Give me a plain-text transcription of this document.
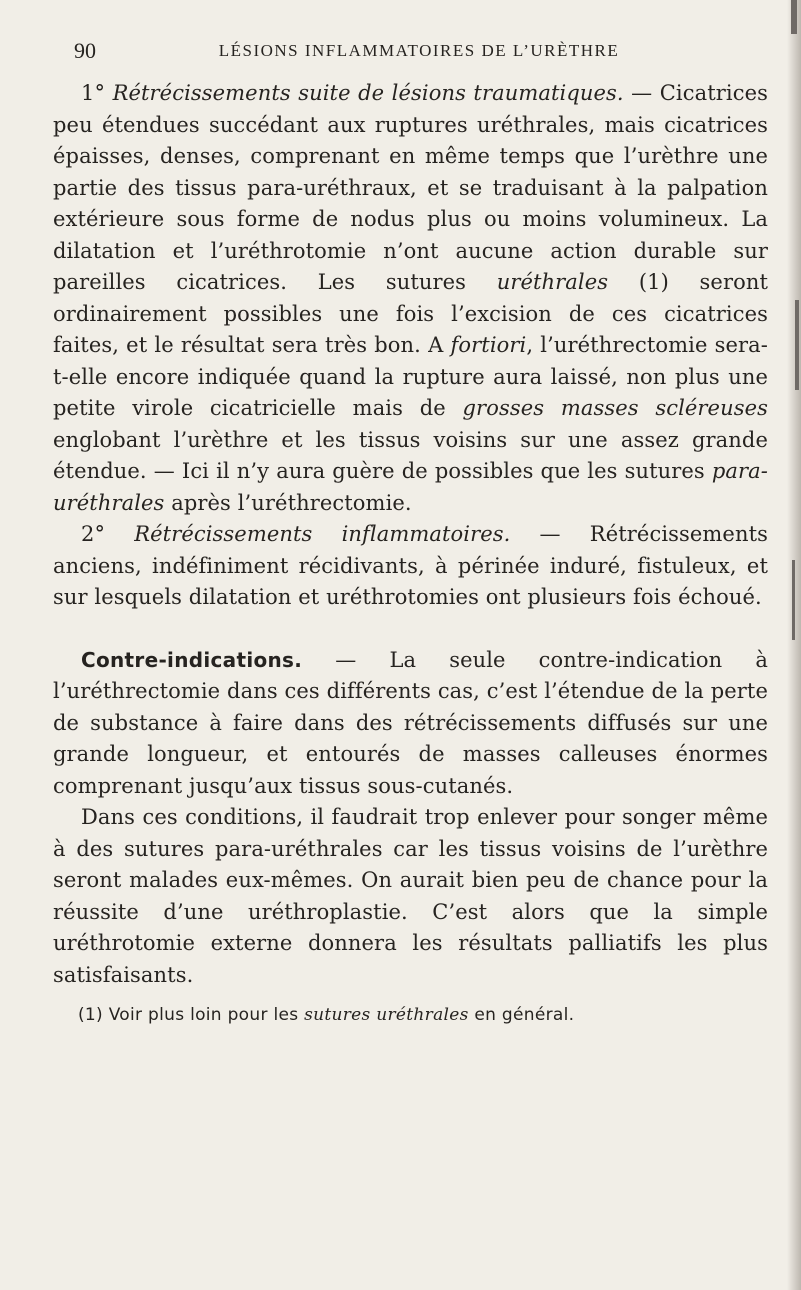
90	LÉSIONS INFLAMMATOIRES DE L’URÈTHRE

1° Rétrécissements suite de lésions traumatiques. — Cicatrices peu étendues succédant aux ruptures uréthrales, mais cicatrices épaisses, denses, comprenant en même temps que l’urèthre une partie des tissus para-uréthraux, et se traduisant à la palpation extérieure sous forme de nodus plus ou moins volumineux. La dilatation et l’uréthrotomie n’ont aucune action durable sur pareilles cicatrices. Les sutures uréthrales (1) seront ordinairement possibles une fois l’excision de ces cicatrices faites, et le résultat sera très bon. A fortiori, l’uréthrectomie sera-t-elle encore indiquée quand la rupture aura laissé, non plus une petite virole cicatricielle mais de grosses masses scléreuses englobant l’urèthre et les tissus voisins sur une assez grande étendue. — Ici il n’y aura guère de possibles que les sutures para-uréthrales après l’uréthrectomie.

2° Rétrécissements inflammatoires. — Rétrécissements anciens, indéfiniment récidivants, à périnée induré, fistuleux, et sur lesquels dilatation et uréthrotomies ont plusieurs fois échoué.

Contre-indications. — La seule contre-indication à l’uréthrectomie dans ces différents cas, c’est l’étendue de la perte de substance à faire dans des rétrécissements diffusés sur une grande longueur, et entourés de masses calleuses énormes comprenant jusqu’aux tissus sous-cutanés.

Dans ces conditions, il faudrait trop enlever pour songer même à des sutures para-uréthrales car les tissus voisins de l’urèthre seront malades eux-mêmes. On aurait bien peu de chance pour la réussite d’une uréthroplastie. C’est alors que la simple uréthrotomie externe donnera les résultats palliatifs les plus satisfaisants.

(1) Voir plus loin pour les sutures uréthrales en général.
